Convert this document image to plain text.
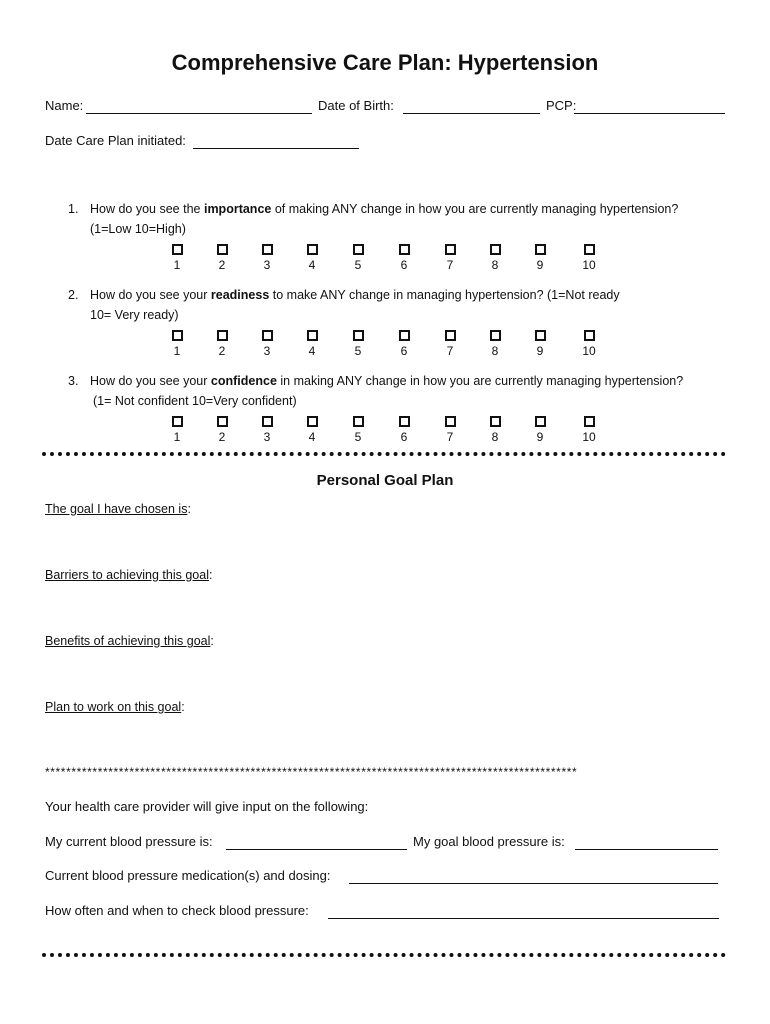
Comprehensive Care Plan: Hypertension
Name:	Date of Birth:	PCP:
Date Care Plan initiated:
1. How do you see the importance of making ANY change in how you are currently managing hypertension?
(1=Low 10=High)
1	2	3	4	5	6	7	8	9	10
2. How do you see your readiness to make ANY change in managing hypertension? (1=Not ready
10= Very ready)
1	2	3	4	5	6	7	8	9	10
3. How do you see your confidence in making ANY change in how you are currently managing hypertension?
(1= Not confident 10=Very confident)
1	2	3	4	5	6	7	8	9	10
Personal Goal Plan
The goal I have chosen is:
Barriers to achieving this goal:
Benefits of achieving this goal:
Plan to work on this goal:
*****************************************************************************************************
Your health care provider will give input on the following:
My current blood pressure is:	My goal blood pressure is:
Current blood pressure medication(s) and dosing:
How often and when to check blood pressure:
